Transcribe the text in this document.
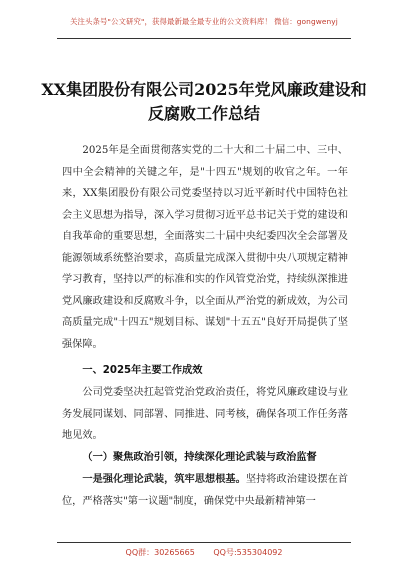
关注头条号"公文研究"，获得最新最全最专业的公文资料库！ 微信：gongwenyj
XX集团股份有限公司2025年党风廉政建设和反腐败工作总结
2025年是全面贯彻落实党的二十大和二十届二中、三中、四中全会精神的关键之年，是"十四五"规划的收官之年。一年来，XX集团股份有限公司党委坚持以习近平新时代中国特色社会主义思想为指导，深入学习贯彻习近平总书记关于党的建设和自我革命的重要思想，全面落实二十届中央纪委四次全会部署及能源领域系统整治要求，高质量完成深入贯彻中央八项规定精神学习教育，坚持以严的标准和实的作风管党治党，持续纵深推进党风廉政建设和反腐败斗争，以全面从严治党的新成效，为公司高质量完成"十四五"规划目标、谋划"十五五"良好开局提供了坚强保障。
一、2025年主要工作成效
公司党委坚决扛起管党治党政治责任，将党风廉政建设与业务发展同谋划、同部署、同推进、同考核，确保各项工作任务落地见效。
（一）聚焦政治引领，持续深化理论武装与政治监督
一是强化理论武装，筑牢思想根基。坚持将政治建设摆在首位，严格落实"第一议题"制度，确保党中央最新精神第一
QQ群：30265665 QQ号:535304092
